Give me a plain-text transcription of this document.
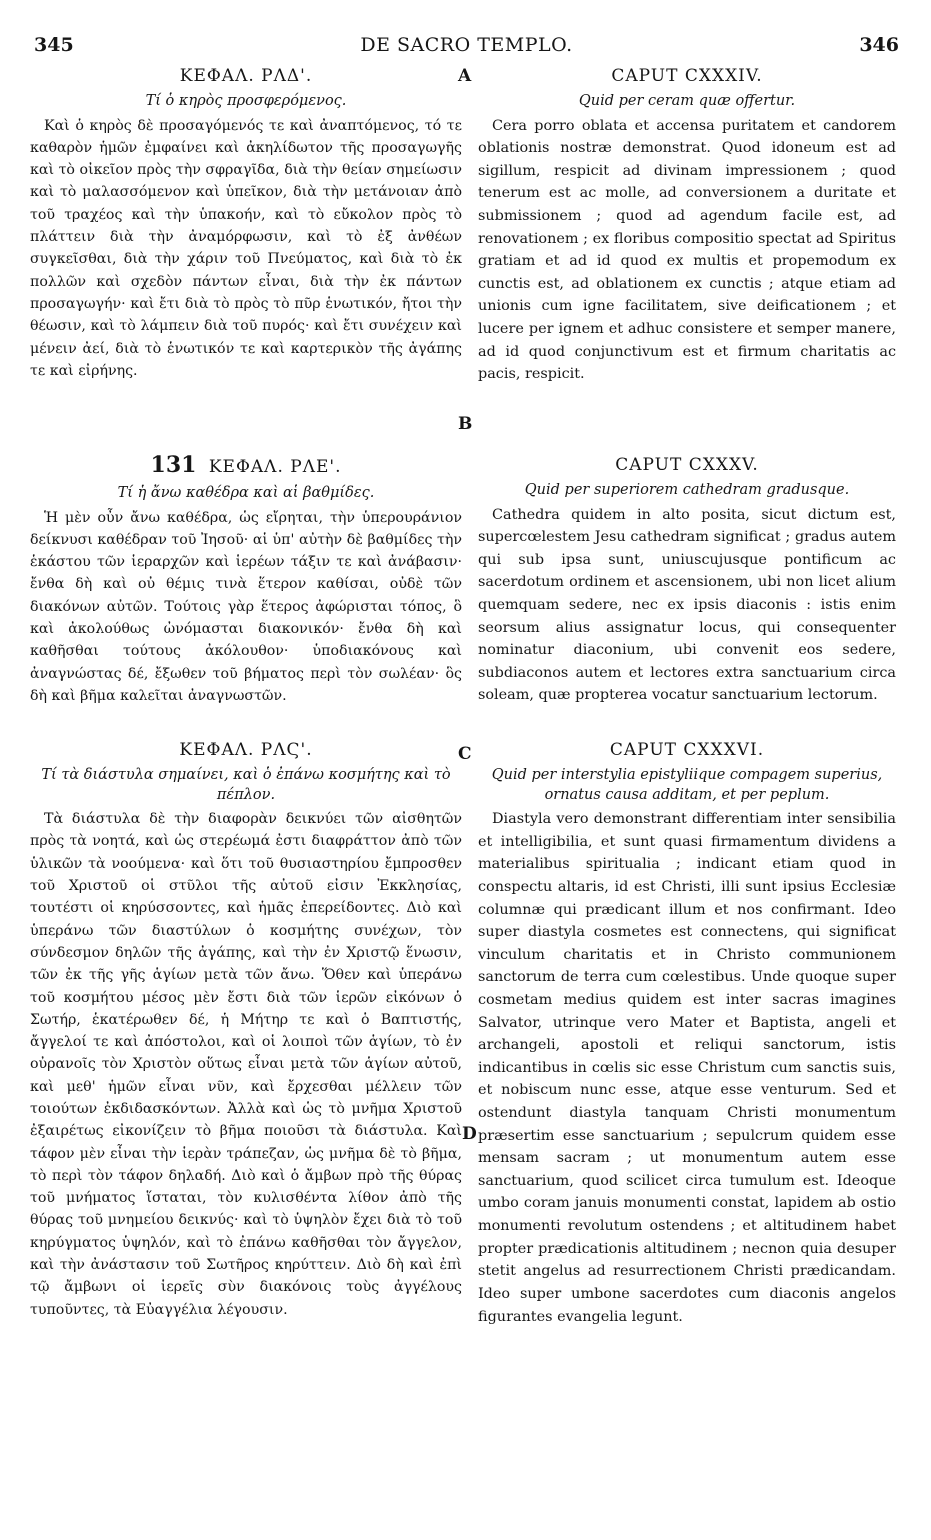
345	DE SACRO TEMPLO.	346
ΚΕΦΑΛ. ΡΛΔ'.

Τί ὁ κηρὸς προσφερόμενος.

Καὶ ὁ κηρὸς δὲ προσαγόμενός τε καὶ ἀναπτόμενος, τό τε καθαρὸν ἡμῶν ἐμφαίνει καὶ ἀκηλίδωτον τῆς προσαγωγῆς καὶ τὸ οἰκεῖον πρὸς τὴν σφραγῖδα, διὰ τὴν θείαν σημείωσιν καὶ τὸ μαλασσόμενον καὶ ὑπεῖκον, διὰ τὴν μετάνοιαν ἀπὸ τοῦ τραχέος καὶ τὴν ὑπακοήν, καὶ τὸ εὔκολον πρὸς τὸ πλάττειν διὰ τὴν ἀναμόρφωσιν, καὶ τὸ ἐξ ἀνθέων συγκεῖσθαι, διὰ τὴν χάριν τοῦ Πνεύματος, καὶ διὰ τὸ ἐκ πολλῶν καὶ σχεδὸν πάντων εἶναι, διὰ τὴν ἐκ πάντων προσαγωγήν· καὶ ἔτι διὰ τὸ πρὸς τὸ πῦρ ἑνωτικόν, ἤτοι τὴν θέωσιν, καὶ τὸ λάμπειν διὰ τοῦ πυρός· καὶ ἔτι συνέχειν καὶ μένειν ἀεί, διὰ τὸ ἑνωτικόν τε καὶ καρτερικὸν τῆς ἀγάπης τε καὶ εἰρήνης.

CAPUT CXXXIV.

Quid per ceram quæ offertur.

Cera porro oblata et accensa puritatem et candorem oblationis nostræ demonstrat. Quod idoneum est ad sigillum, respicit ad divinam impressionem ; quod tenerum est ac molle, ad conversionem a duritate et submissionem ; quod ad agendum facile est, ad renovationem ; ex floribus compositio spectat ad Spiritus gratiam et ad id quod ex multis et propemodum ex cunctis est, ad oblationem ex cunctis ; atque etiam ad unionis cum igne facilitatem, sive deificationem ; et lucere per ignem et adhuc consistere et semper manere, ad id quod conjunctivum est et firmum charitatis ac pacis, respicit.

131 ΚΕΦΑΛ. ΡΛΕ'.

Τί ἡ ἄνω καθέδρα καὶ αἱ βαθμίδες.

Ἡ μὲν οὖν ἄνω καθέδρα, ὡς εἴρηται, τὴν ὑπερουράνιον δείκνυσι καθέδραν τοῦ Ἰησοῦ· αἱ ὑπ' αὐτὴν δὲ βαθμίδες τὴν ἑκάστου τῶν ἱεραρχῶν καὶ ἱερέων τάξιν τε καὶ ἀνάβασιν· ἔνθα δὴ καὶ οὐ θέμις τινὰ ἕτερον καθίσαι, οὐδὲ τῶν διακόνων αὐτῶν. Τούτοις γὰρ ἕτερος ἀφώρισται τόπος, ὃ καὶ ἀκολούθως ὠνόμασται διακονικόν· ἔνθα δὴ καὶ καθῆσθαι τούτους ἀκόλουθον· ὑποδιακόνους καὶ ἀναγνώστας δέ, ἔξωθεν τοῦ βήματος περὶ τὸν σωλέαν· ὃς δὴ καὶ βῆμα καλεῖται ἀναγνωστῶν.

CAPUT CXXXV.

Quid per superiorem cathedram gradusque.

Cathedra quidem in alto posita, sicut dictum est, supercœlestem Jesu cathedram significat ; gradus autem qui sub ipsa sunt, uniuscujusque pontificum ac sacerdotum ordinem et ascensionem, ubi non licet alium quemquam sedere, nec ex ipsis diaconis : istis enim seorsum alius assignatur locus, qui consequenter nominatur diaconium, ubi convenit eos sedere, subdiaconos autem et lectores extra sanctuarium circa soleam, quæ propterea vocatur sanctuarium lectorum.

ΚΕΦΑΛ. ΡΛϚ'.

Τί τὰ διάστυλα σημαίνει, καὶ ὁ ἐπάνω κοσμήτης καὶ τὸ πέπλον.

Τὰ διάστυλα δὲ τὴν διαφορὰν δεικνύει τῶν αἰσθητῶν πρὸς τὰ νοητά, καὶ ὡς στερέωμά ἐστι διαφράττον ἀπὸ τῶν ὑλικῶν τὰ νοούμενα· καὶ ὅτι τοῦ θυσιαστηρίου ἔμπροσθεν τοῦ Χριστοῦ οἱ στῦλοι τῆς αὐτοῦ εἰσιν Ἐκκλησίας, τουτέστι οἱ κηρύσσοντες, καὶ ἡμᾶς ἐπερείδοντες. Διὸ καὶ ὑπεράνω τῶν διαστύλων ὁ κοσμήτης συνέχων, τὸν σύνδεσμον δηλῶν τῆς ἀγάπης, καὶ τὴν ἐν Χριστῷ ἕνωσιν, τῶν ἐκ τῆς γῆς ἁγίων μετὰ τῶν ἄνω. Ὅθεν καὶ ὑπεράνω τοῦ κοσμήτου μέσος μὲν ἔστι διὰ τῶν ἱερῶν εἰκόνων ὁ Σωτήρ, ἑκατέρωθεν δέ, ἡ Μήτηρ τε καὶ ὁ Βαπτιστής, ἄγγελοί τε καὶ ἀπόστολοι, καὶ οἱ λοιποὶ τῶν ἁγίων, τὸ ἐν οὐρανοῖς τὸν Χριστὸν οὕτως εἶναι μετὰ τῶν ἁγίων αὐτοῦ, καὶ μεθ' ἡμῶν εἶναι νῦν, καὶ ἔρχεσθαι μέλλειν τῶν τοιούτων ἐκδιδασκόντων. Ἀλλὰ καὶ ὡς τὸ μνῆμα Χριστοῦ ἐξαιρέτως εἰκονίζειν τὸ βῆμα ποιοῦσι τὰ διάστυλα. Καὶ τάφον μὲν εἶναι τὴν ἱερὰν τράπεζαν, ὡς μνῆμα δὲ τὸ βῆμα, τὸ περὶ τὸν τάφον δηλαδή. Διὸ καὶ ὁ ἄμβων πρὸ τῆς θύρας τοῦ μνήματος ἵσταται, τὸν κυλισθέντα λίθον ἀπὸ τῆς θύρας τοῦ μνημείου δεικνύς· καὶ τὸ ὑψηλὸν ἔχει διὰ τὸ τοῦ κηρύγματος ὑψηλόν, καὶ τὸ ἐπάνω καθῆσθαι τὸν ἄγγελον, καὶ τὴν ἀνάστασιν τοῦ Σωτῆρος κηρύττειν. Διὸ δὴ καὶ ἐπὶ τῷ ἄμβωνι οἱ ἱερεῖς σὺν διακόνοις τοὺς ἀγγέλους τυποῦντες, τὰ Εὐαγγέλια λέγουσιν.

CAPUT CXXXVI.

Quid per interstylia epistyliique compagem superius, ornatus causa additam, et per peplum.

Diastyla vero demonstrant differentiam inter sensibilia et intelligibilia, et sunt quasi firmamentum dividens a materialibus spiritualia ; indicant etiam quod in conspectu altaris, id est Christi, illi sunt ipsius Ecclesiæ columnæ qui prædicant illum et nos confirmant. Ideo super diastyla cosmetes est connectens, qui significat vinculum charitatis et in Christo communionem sanctorum de terra cum cœlestibus. Unde quoque super cosmetam medius quidem est inter sacras imagines Salvator, utrinque vero Mater et Baptista, angeli et archangeli, apostoli et reliqui sanctorum, istis indicantibus in cœlis sic esse Christum cum sanctis suis, et nobiscum nunc esse, atque esse venturum. Sed et ostendunt diastyla tanquam Christi monumentum præsertim esse sanctuarium ; sepulcrum quidem esse mensam sacram ; ut monumentum autem esse sanctuarium, quod scilicet circa tumulum est. Ideoque umbo coram januis monumenti constat, lapidem ab ostio monumenti revolutum ostendens ; et altitudinem habet propter prædicationis altitudinem ; necnon quia desuper stetit angelus ad resurrectionem Christi prædicandam. Ideo super umbone sacerdotes cum diaconis angelos figurantes evangelia legunt.

A
B
C
D
